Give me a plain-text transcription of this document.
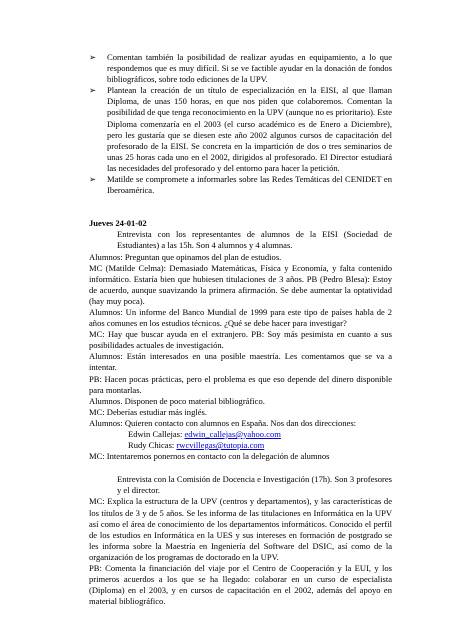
➢	Comentan también la posibilidad de realizar ayudas en equipamiento, a lo que respondemos que es muy difícil. Si se ve factible ayudar en la donación de fondos bibliográficos, sobre todo ediciones de la UPV.
➢	Plantean la creación de un título de especialización en la EISI, al que llaman Diploma, de unas 150 horas, en que nos piden que colaboremos. Comentan la posibilidad de que tenga reconocimiento en la UPV (aunque no es prioritario). Este Diploma comenzaría en el 2003 (el curso académico es de Enero a Diciembre), pero les gustaría que se diesen este año 2002 algunos cursos de capacitación del profesorado de la EISI. Se concreta en la impartición de dos o tres seminarios de unas 25 horas cada uno en el 2002, dirigidos al profesorado. El Director estudiará las necesidades del profesorado y del entorno para hacer la petición.
➢	Matilde se compromete a informarles sobre las Redes Temáticas del CENIDET en Iberoamérica.

Jueves 24-01-02

Entrevista con los representantes de alumnos de la EISI (Sociedad de Estudiantes) a las 15h. Son 4 alumnos y 4 alumnas.

Alumnos: Preguntan que opinamos del plan de estudios.

MC (Matilde Celma): Demasiado Matemáticas, Física y Economía, y falta contenido informático. Estaría bien que hubiesen titulaciones de 3 años. PB (Pedro Blesa): Estoy de acuerdo, aunque suavizando la primera afirmación. Se debe aumentar la optatividad (hay muy poca).

Alumnos: Un informe del Banco Mundial de 1999 para este tipo de países habla de 2 años comunes en los estudios técnicos. ¿Qué se debe hacer para investigar?

MC: Hay que buscar ayuda en el extranjero. PB: Soy más pesimista en cuanto a sus posibilidades actuales de investigación.

Alumnos: Están interesados en una posible maestría. Les comentamos que se va a intentar.

PB: Hacen pocas prácticas, pero el problema es que eso depende del dinero disponible para montarlas.

Alumnos. Disponen de poco material bibliográfico.

MC: Deberías estudiar más inglés.

Alumnos: Quieren contacto con alumnos en España. Nos dan dos direcciones:

Edwin Callejas: edwin_callejas@yahoo.com
Rudy Chicas: rwcvillegas@tutopia.com

MC: Intentaremos ponernos en contacto con la delegación de alumnos

Entrevista con la Comisión de Docencia e Investigación (17h). Son 3 profesores y el director.

MC: Explica la estructura de la UPV (centros y departamentos), y las características de los títulos de 3 y de 5 años. Se les informa de las titulaciones en Informática en la UPV así como el área de conocimiento de los departamentos informáticos. Conocido el perfil de los estudios en Informática en la UES y sus intereses en formación de postgrado se les informa sobre la Maestría en Ingeniería del Software del DSIC, así como de la organización de los programas de doctorado en la UPV.

PB: Comenta la financiación del viaje por el Centro de Cooperación y la EUI, y los primeros acuerdos a los que se ha llegado: colaborar en un curso de especialista (Diploma) en el 2003, y en cursos de capacitación en el 2002, además del apoyo en material bibliográfico.
